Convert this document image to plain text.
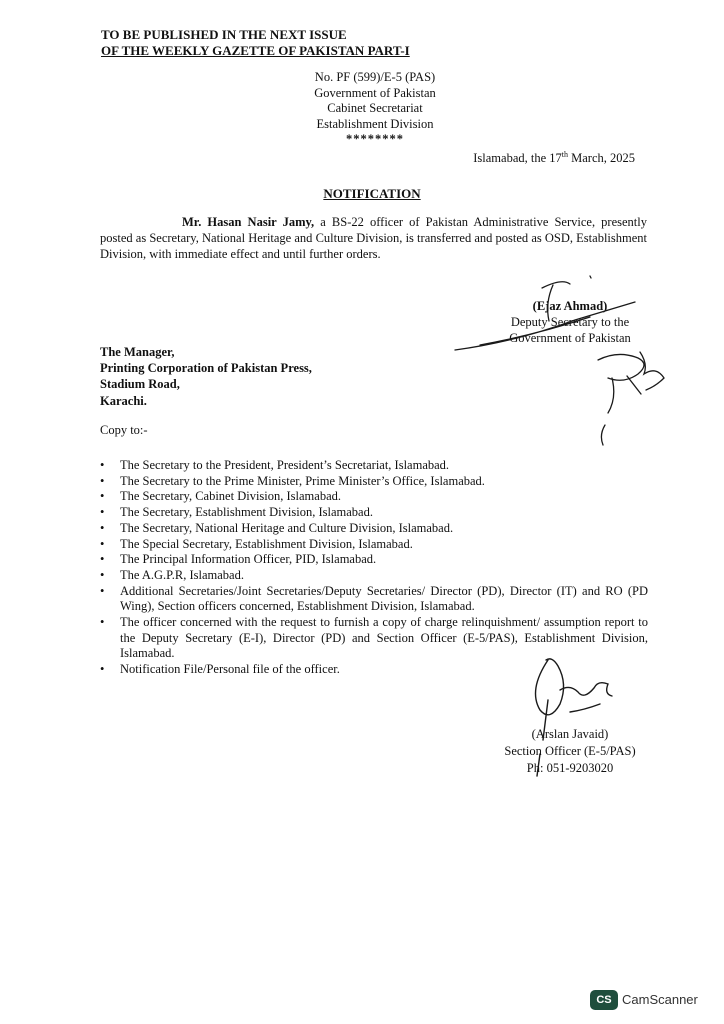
TO BE PUBLISHED IN THE NEXT ISSUE
OF THE WEEKLY GAZETTE OF PAKISTAN PART-I
No. PF (599)/E-5 (PAS)
Government of Pakistan
Cabinet Secretariat
Establishment Division
********
Islamabad, the 17th March, 2025
NOTIFICATION
Mr. Hasan Nasir Jamy, a BS-22 officer of Pakistan Administrative Service, presently posted as Secretary, National Heritage and Culture Division, is transferred and posted as OSD, Establishment Division, with immediate effect and until further orders.
(Ejaz Ahmad)
Deputy Secretary to the
Government of Pakistan
The Manager,
Printing Corporation of Pakistan Press,
Stadium Road,
Karachi.
Copy to:-
• The Secretary to the President, President’s Secretariat, Islamabad.
• The Secretary to the Prime Minister, Prime Minister’s Office, Islamabad.
• The Secretary, Cabinet Division, Islamabad.
• The Secretary, Establishment Division, Islamabad.
• The Secretary, National Heritage and Culture Division, Islamabad.
• The Special Secretary, Establishment Division, Islamabad.
• The Principal Information Officer, PID, Islamabad.
• The A.G.P.R, Islamabad.
• Additional Secretaries/Joint Secretaries/Deputy Secretaries/ Director (PD), Director (IT) and RO (PD Wing), Section officers concerned, Establishment Division, Islamabad.
• The officer concerned with the request to furnish a copy of charge relinquishment/ assumption report to the Deputy Secretary (E-I), Director (PD) and Section Officer (E-5/PAS), Establishment Division, Islamabad.
• Notification File/Personal file of the officer.
(Arslan Javaid)
Section Officer (E-5/PAS)
Ph: 051-9203020
CS CamScanner
